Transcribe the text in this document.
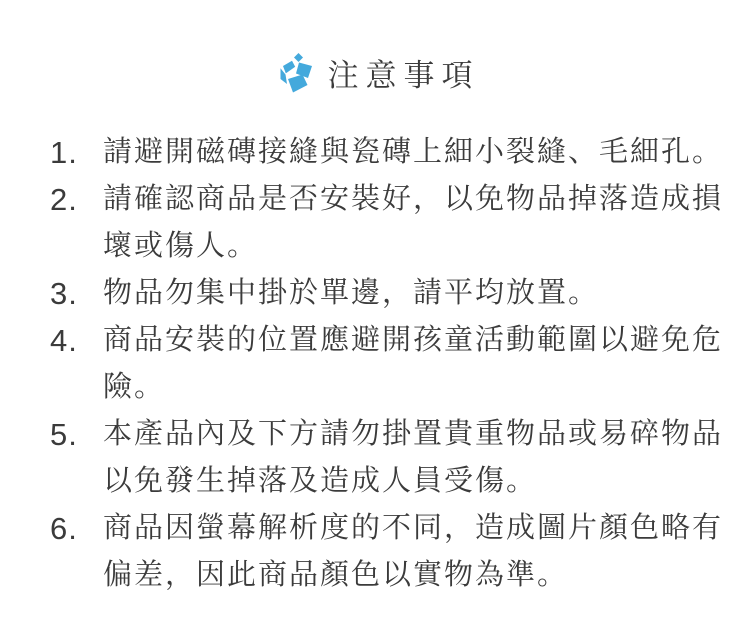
注意事項
1. 請避開磁磚接縫與瓷磚上細小裂縫、毛細孔。
2. 請確認商品是否安裝好，以免物品掉落造成損
壞或傷人。
3. 物品勿集中掛於單邊，請平均放置。
4. 商品安裝的位置應避開孩童活動範圍以避免危
險。
5. 本產品內及下方請勿掛置貴重物品或易碎物品
以免發生掉落及造成人員受傷。
6. 商品因螢幕解析度的不同，造成圖片顏色略有
偏差，因此商品顏色以實物為準。
